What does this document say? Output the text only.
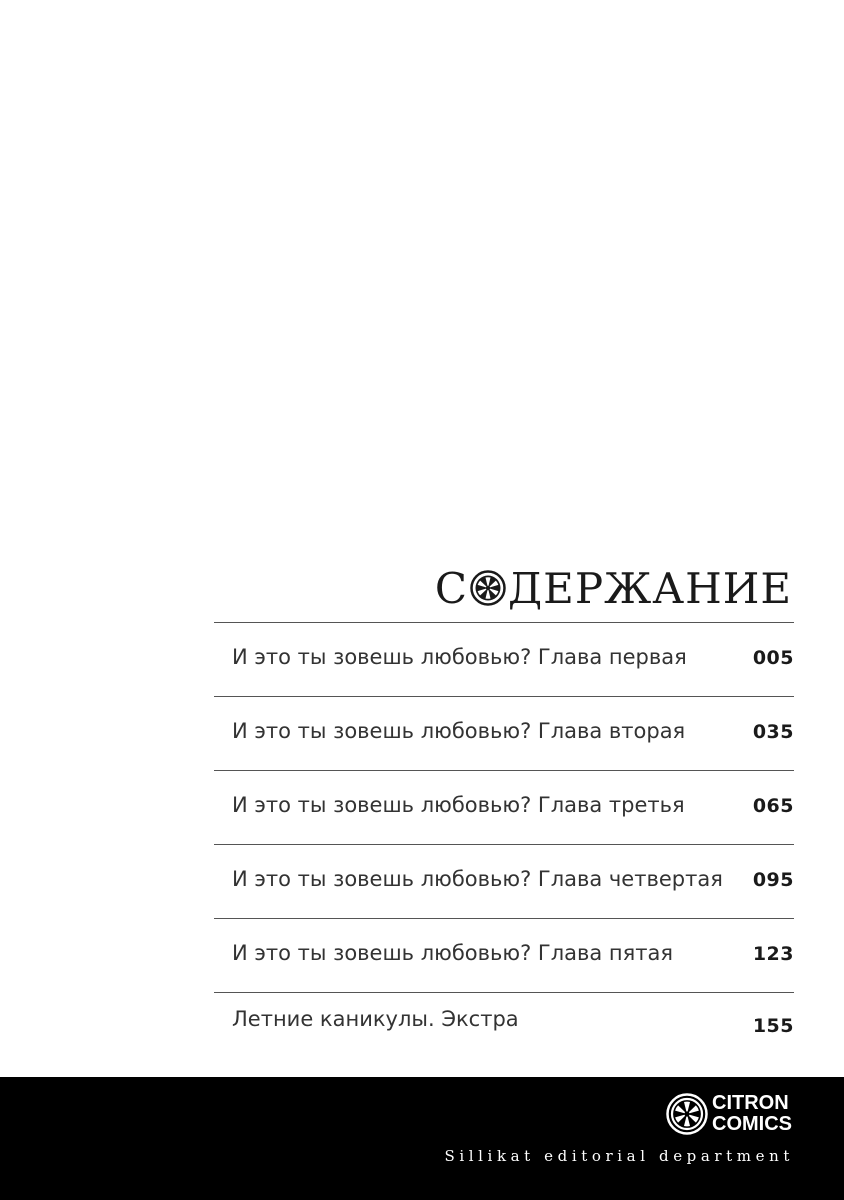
С ДЕРЖАНИЕ
И это ты зовешь любовью? Глава первая	005
И это ты зовешь любовью? Глава вторая	035
И это ты зовешь любовью? Глава третья	065
И это ты зовешь любовью? Глава четвертая 095
И это ты зовешь любовью? Глава пятая	123
Летние каникулы. Экстра	155
CITRON
COMICS
Sillikat editorial department
